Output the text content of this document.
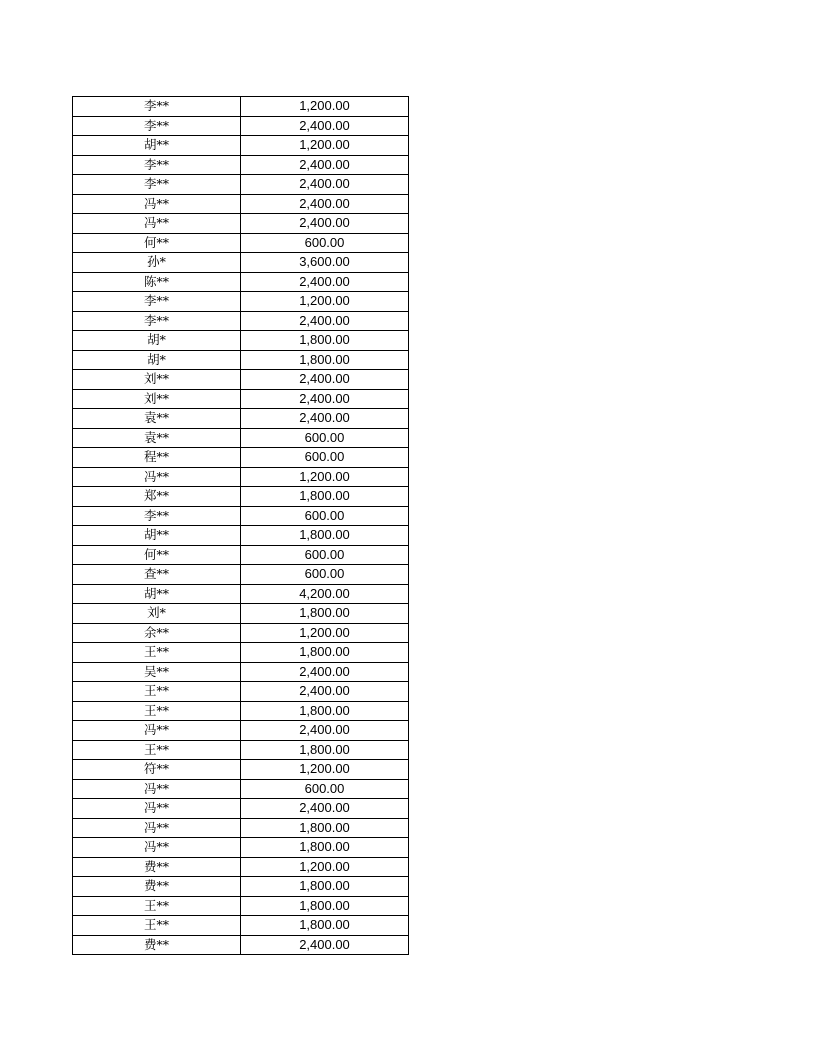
李**	1,200.00
李**	2,400.00
胡**	1,200.00
李**	2,400.00
李**	2,400.00
冯**	2,400.00
冯**	2,400.00
何**	600.00
孙*	3,600.00
陈**	2,400.00
李**	1,200.00
李**	2,400.00
胡*	1,800.00
胡*	1,800.00
刘**	2,400.00
刘**	2,400.00
袁**	2,400.00
袁**	600.00
程**	600.00
冯**	1,200.00
郑**	1,800.00
李**	600.00
胡**	1,800.00
何**	600.00
查**	600.00
胡**	4,200.00
刘*	1,800.00
余**	1,200.00
王**	1,800.00
吴**	2,400.00
王**	2,400.00
王**	1,800.00
冯**	2,400.00
王**	1,800.00
符**	1,200.00
冯**	600.00
冯**	2,400.00
冯**	1,800.00
冯**	1,800.00
费**	1,200.00
费**	1,800.00
王**	1,800.00
王**	1,800.00
费**	2,400.00
